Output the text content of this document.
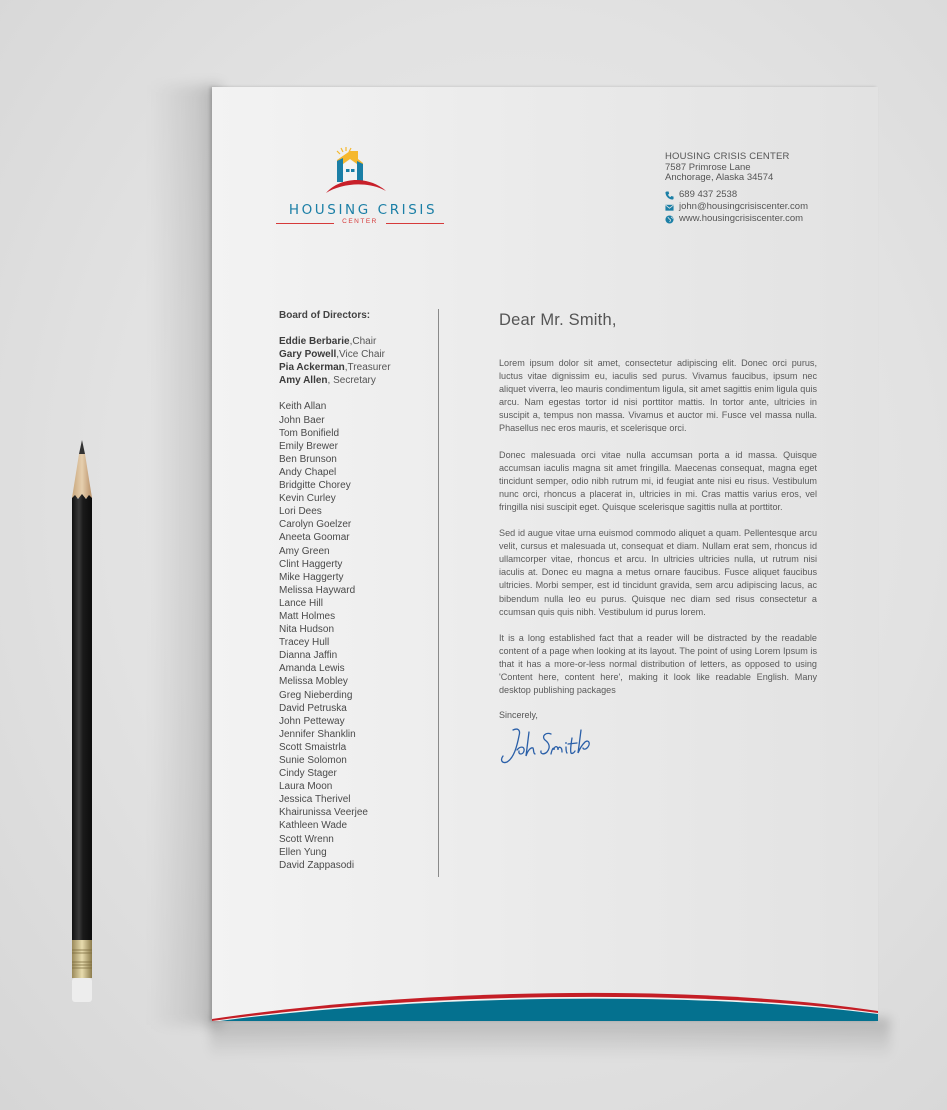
HOUSING CRISIS
CENTER
HOUSING CRISIS CENTER
7587 Primrose Lane
Anchorage, Alaska 34574
689 437 2538
john@housingcrisiscenter.com
www.housingcrisiscenter.com
Board of Directors:
Eddie Berbarie,Chair
Gary Powell,Vice Chair
Pia Ackerman,Treasurer
Amy Allen, Secretary
Keith Allan
John Baer
Tom Bonifield
Emily Brewer
Ben Brunson
Andy Chapel
Bridgitte Chorey
Kevin Curley
Lori Dees
Carolyn Goelzer
Aneeta Goomar
Amy Green
Clint Haggerty
Mike Haggerty
Melissa Hayward
Lance Hill
Matt Holmes
Nita Hudson
Tracey Hull
Dianna Jaffin
Amanda Lewis
Melissa Mobley
Greg Nieberding
David Petruska
John Petteway
Jennifer Shanklin
Scott Smaistrla
Sunie Solomon
Cindy Stager
Laura Moon
Jessica Therivel
Khairunissa Veerjee
Kathleen Wade
Scott Wrenn
Ellen Yung
David Zappasodi
Dear Mr. Smith,

Lorem ipsum dolor sit amet, consectetur adipiscing elit. Donec orci purus, luctus vitae dignissim eu, iaculis sed purus. Vivamus faucibus, ipsum nec aliquet viverra, leo mauris condimentum ligula, sit amet sagittis enim ligula quis arcu. Nam egestas tortor id nisi porttitor mattis. In tortor ante, ultricies in suscipit a, tempus non massa. Vivamus et auctor mi. Fusce vel massa nulla. Phasellus nec eros mauris, et scelerisque orci.

Donec malesuada orci vitae nulla accumsan porta a id massa. Quisque accumsan iaculis magna sit amet fringilla. Maecenas consequat, magna eget tincidunt semper, odio nibh rutrum mi, id feugiat ante nisi eu risus. Vestibulum nunc orci, rhoncus a placerat in, ultricies in mi. Cras mattis varius eros, vel fringilla nisi suscipit eget. Quisque scelerisque sagittis nulla at porttitor.

Sed id augue vitae urna euismod commodo aliquet a quam. Pellentesque arcu velit, cursus et malesuada ut, consequat et diam. Nullam erat sem, rhoncus id ullamcorper vitae, rhoncus et arcu. In ultricies ultricies nulla, ut rutrum nisi iaculis at. Donec eu magna a metus ornare faucibus. Fusce aliquet faucibus ultricies. Morbi semper, est id tincidunt gravida, sem arcu adipiscing lacus, ac bibendum nulla leo eu purus. Quisque nec diam sed risus consectetur a ccumsan quis quis nibh. Vestibulum id purus lorem.

It is a long established fact that a reader will be distracted by the readable content of a page when looking at its layout. The point of using Lorem Ipsum is that it has a more-or-less normal distribution of letters, as opposed to using 'Content here, content here', making it look like readable English. Many desktop publishing packages

Sincerely,
